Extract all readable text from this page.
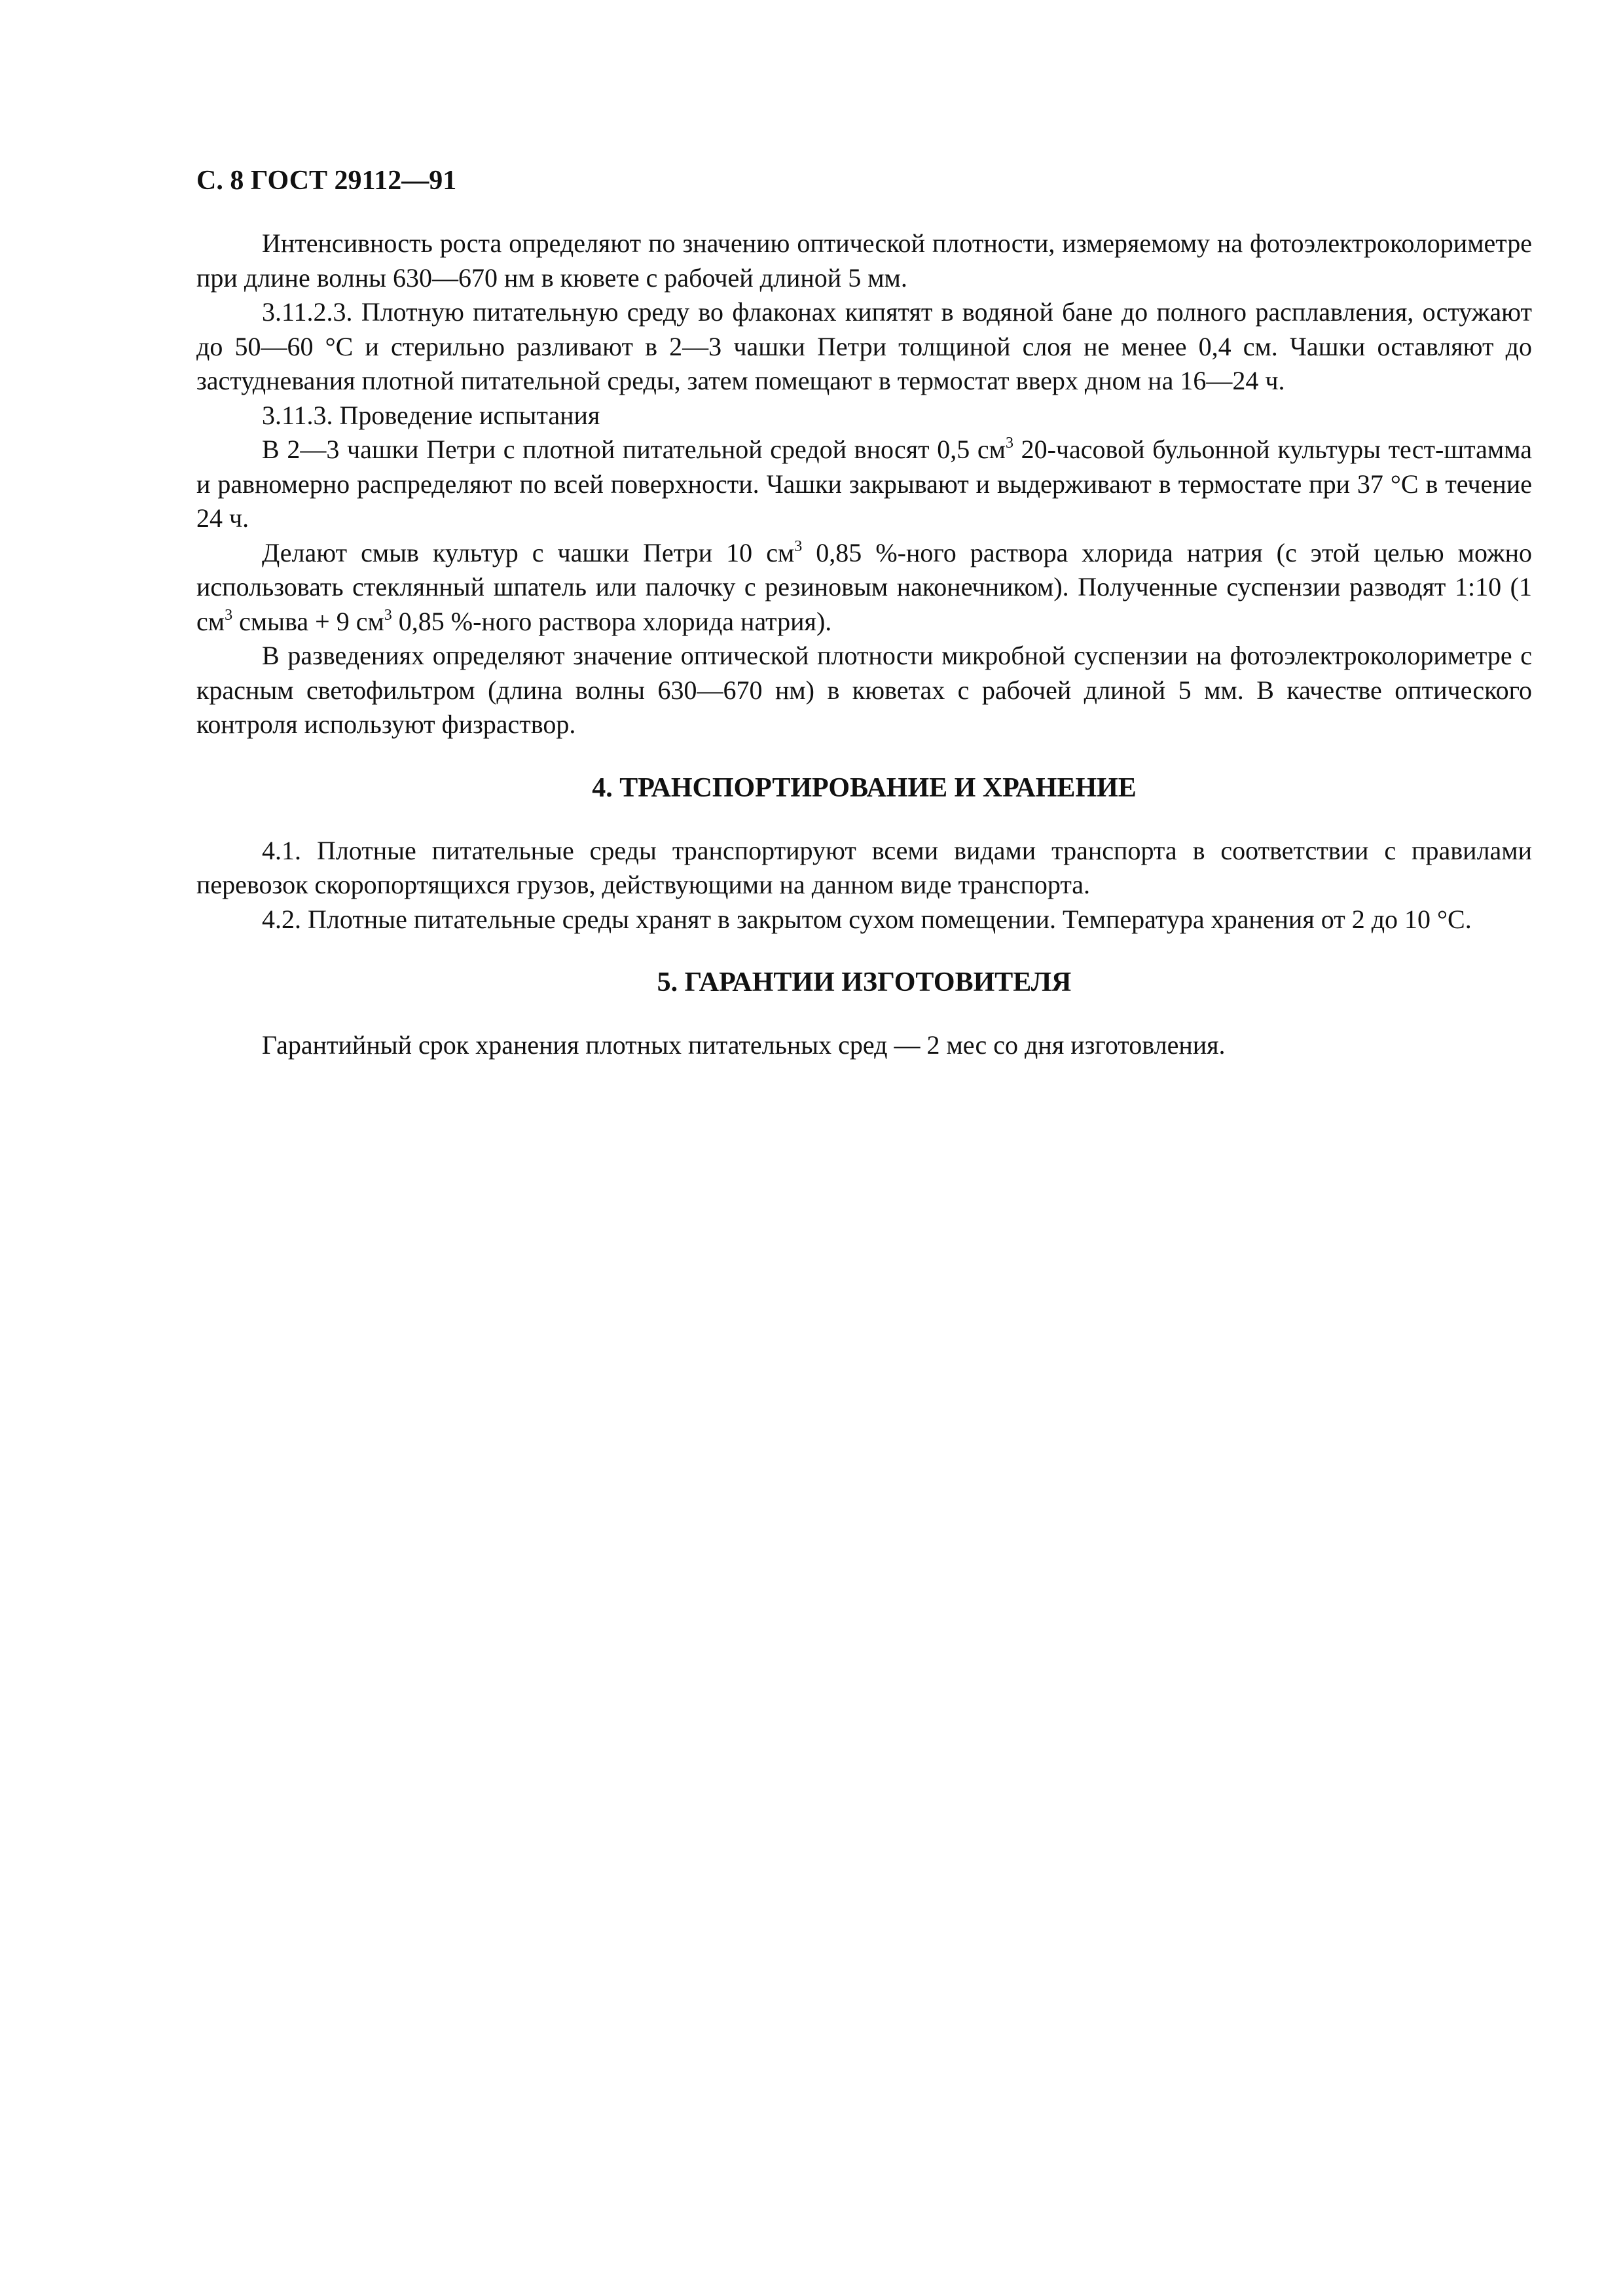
С. 8 ГОСТ 29112—91

Интенсивность роста определяют по значению оптической плотности, измеряемому на фотоэлектроколориметре при длине волны 630—670 нм в кювете с рабочей длиной 5 мм.

3.11.2.3. Плотную питательную среду во флаконах кипятят в водяной бане до полного расплавления, остужают до 50—60 °С и стерильно разливают в 2—3 чашки Петри толщиной слоя не менее 0,4 см. Чашки оставляют до застудневания плотной питательной среды, затем помещают в термостат вверх дном на 16—24 ч.

3.11.3. Проведение испытания

В 2—3 чашки Петри с плотной питательной средой вносят 0,5 $см^3$ 20-часовой бульонной культуры тест-штамма и равномерно распределяют по всей поверхности. Чашки закрывают и выдерживают в термостате при 37 °С в течение 24 ч.

Делают смыв культур с чашки Петри 10 $см^3$ 0,85 %-ного раствора хлорида натрия (с этой целью можно использовать стеклянный шпатель или палочку с резиновым наконечником). Полученные суспензии разводят 1:10 (1 $см^3$ смыва + 9 $см^3$ 0,85 %-ного раствора хлорида натрия).

В разведениях определяют значение оптической плотности микробной суспензии на фотоэлектроколориметре с красным светофильтром (длина волны 630—670 нм) в кюветах с рабочей длиной 5 мм. В качестве оптического контроля используют физраствор.

4. ТРАНСПОРТИРОВАНИЕ И ХРАНЕНИЕ

4.1. Плотные питательные среды транспортируют всеми видами транспорта в соответствии с правилами перевозок скоропортящихся грузов, действующими на данном виде транспорта.

4.2. Плотные питательные среды хранят в закрытом сухом помещении. Температура хранения от 2 до 10 °С.

5. ГАРАНТИИ ИЗГОТОВИТЕЛЯ

Гарантийный срок хранения плотных питательных сред — 2 мес со дня изготовления.
